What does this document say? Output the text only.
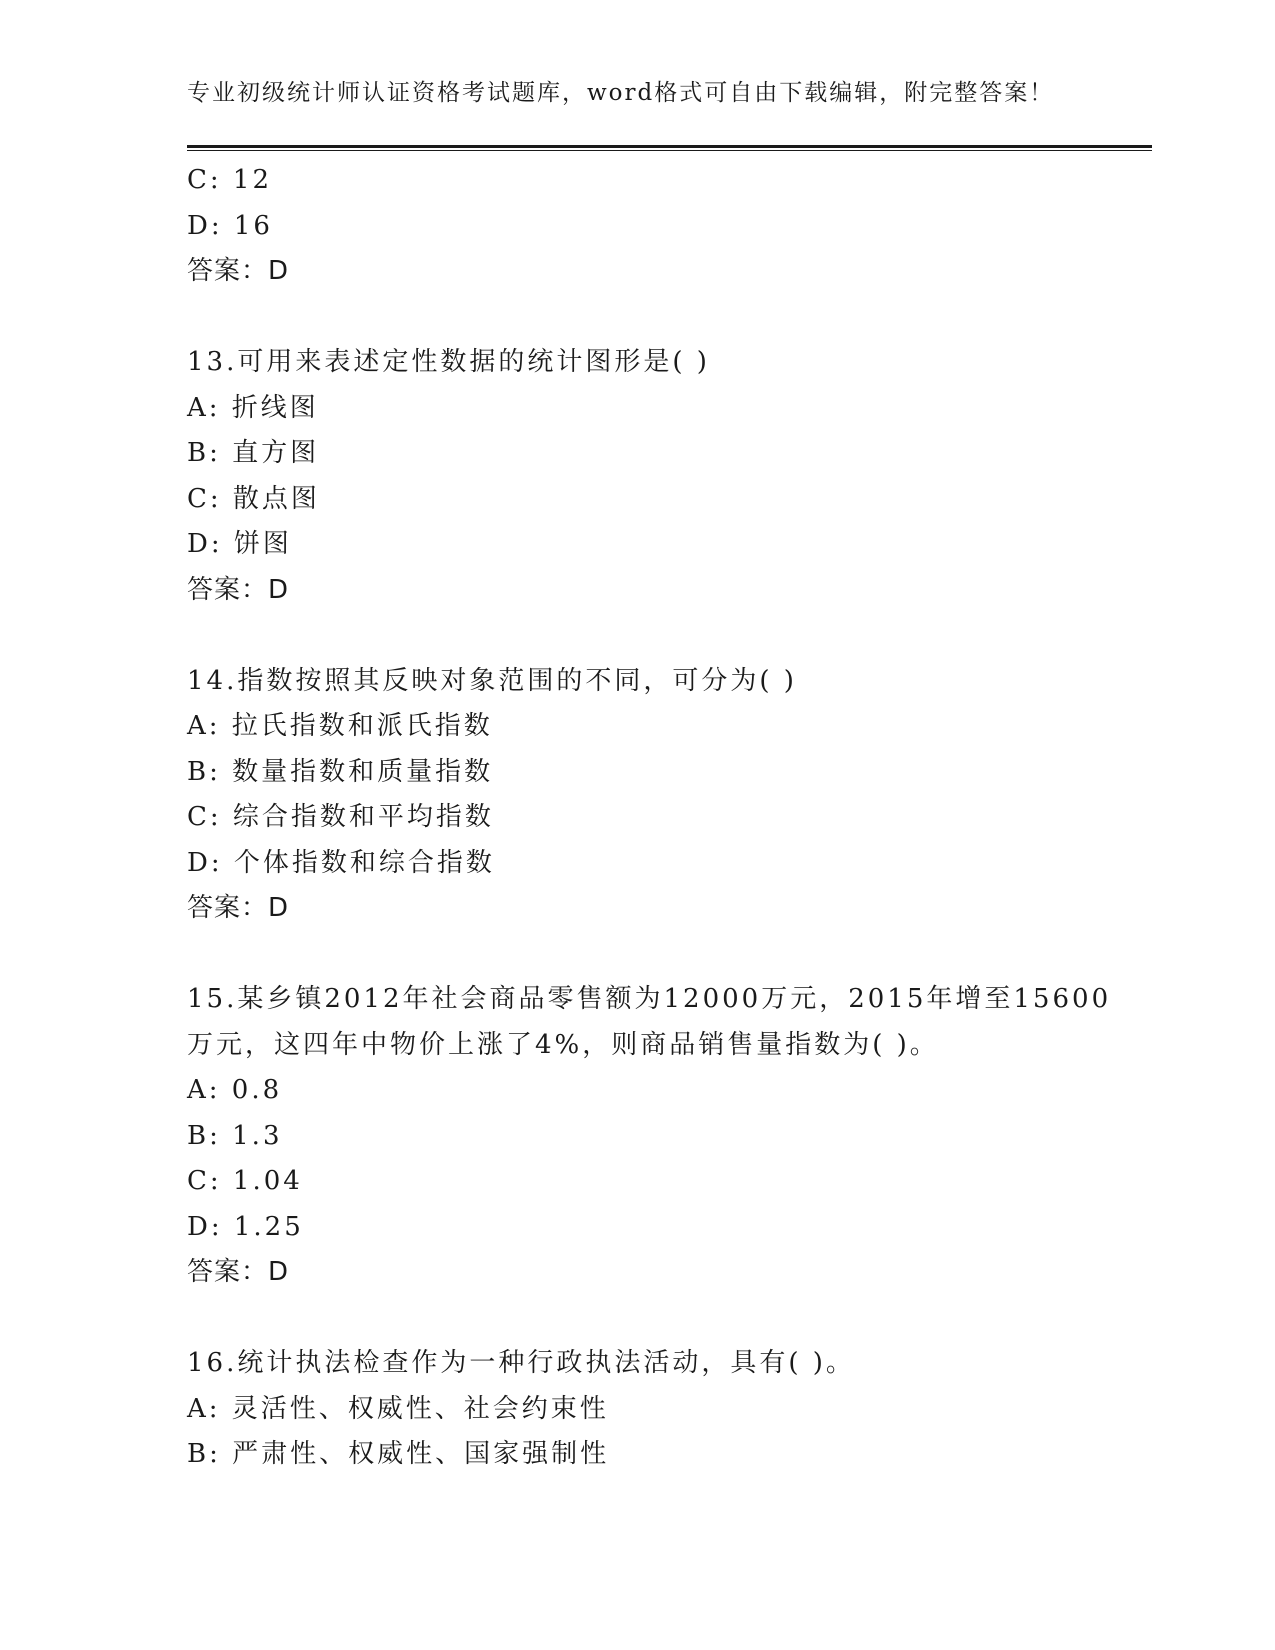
专业初级统计师认证资格考试题库，word格式可自由下载编辑，附完整答案！
C: 12
D: 16
答案：D
13.可用来表述定性数据的统计图形是( )
A: 折线图
B: 直方图
C: 散点图
D: 饼图
答案：D
14.指数按照其反映对象范围的不同，可分为( )
A: 拉氏指数和派氏指数
B: 数量指数和质量指数
C: 综合指数和平均指数
D: 个体指数和综合指数
答案：D
15.某乡镇2012年社会商品零售额为12000万元，2015年增至15600
万元，这四年中物价上涨了4%，则商品销售量指数为( )。
A: 0.8
B: 1.3
C: 1.04
D: 1.25
答案：D
16.统计执法检查作为一种行政执法活动，具有( )。
A: 灵活性、权威性、社会约束性
B: 严肃性、权威性、国家强制性
